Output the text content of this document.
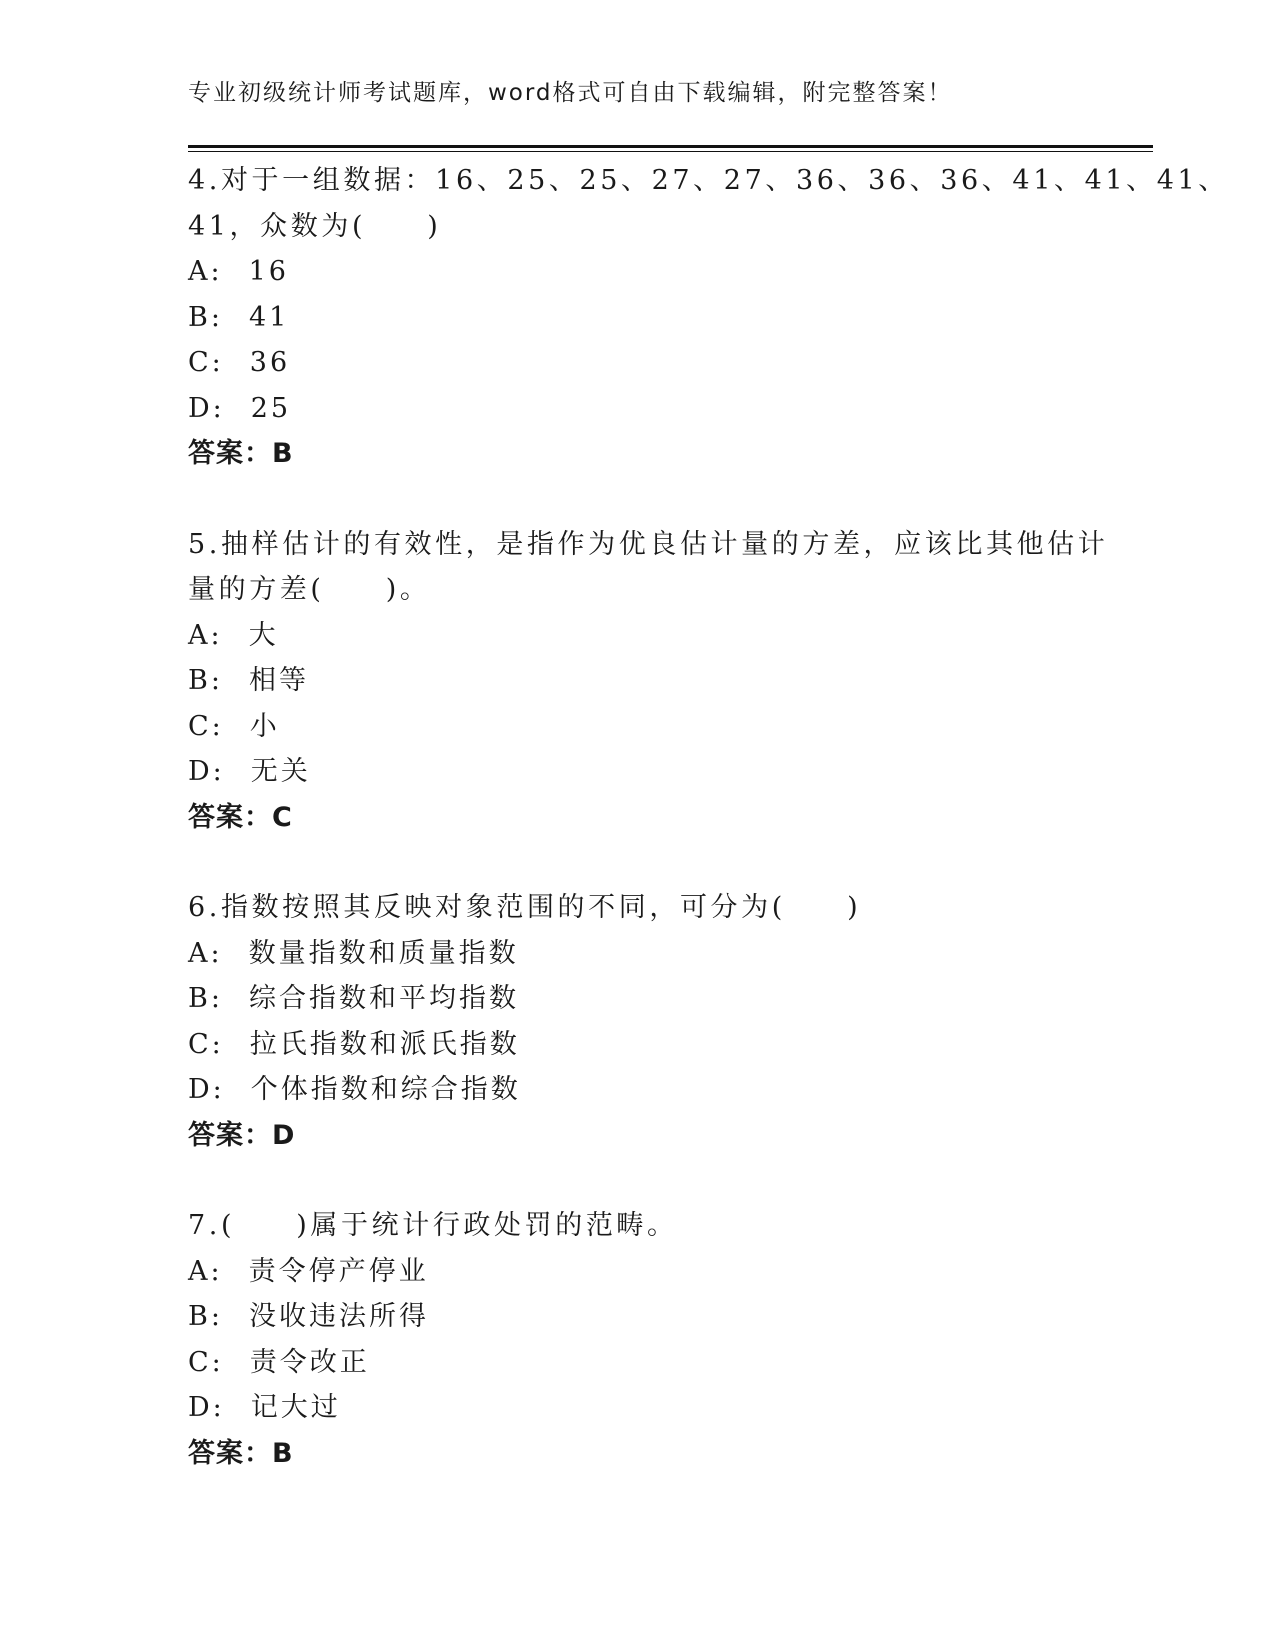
专业初级统计师考试题库，word格式可自由下载编辑，附完整答案！
4.对于一组数据：16、25、25、27、27、36、36、36、41、41、41、
41，众数为(　　)
A: 16
B: 41
C: 36
D: 25
答案：B
5.抽样估计的有效性，是指作为优良估计量的方差，应该比其他估计
量的方差(　　)。
A: 大
B: 相等
C: 小
D: 无关
答案：C
6.指数按照其反映对象范围的不同，可分为(　　)
A: 数量指数和质量指数
B: 综合指数和平均指数
C: 拉氏指数和派氏指数
D: 个体指数和综合指数
答案：D
7.(　　)属于统计行政处罚的范畴。
A: 责令停产停业
B: 没收违法所得
C: 责令改正
D: 记大过
答案：B
